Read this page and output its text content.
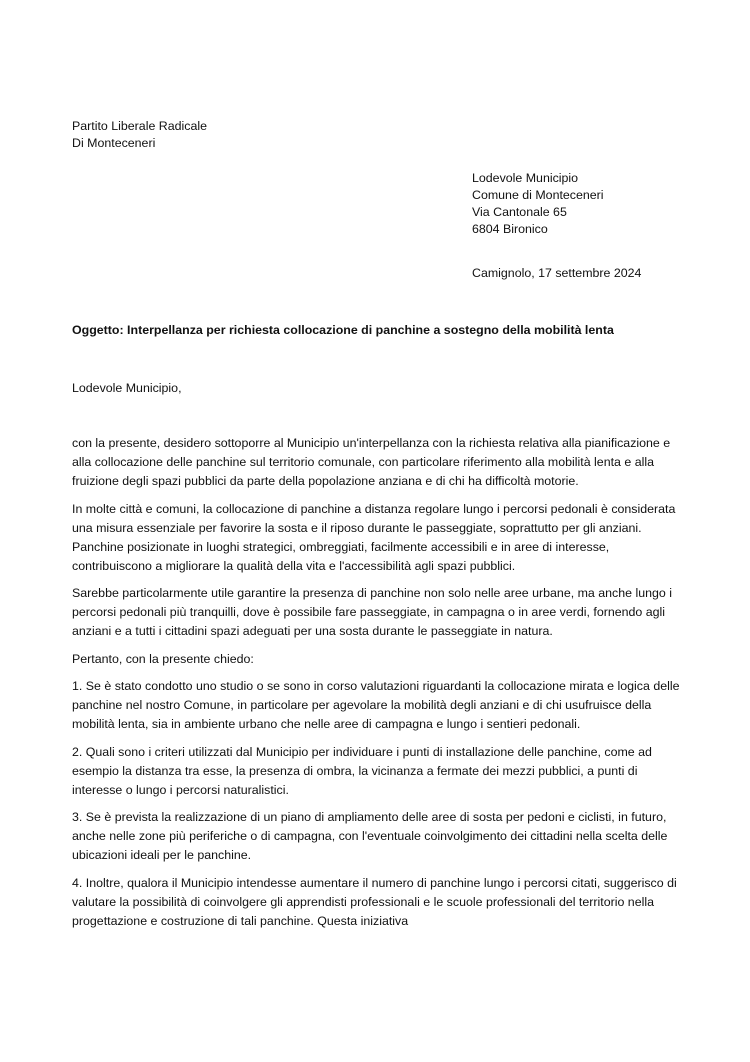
Partito Liberale Radicale
Di Monteceneri
Lodevole Municipio
Comune di Monteceneri
Via Cantonale 65
6804 Bironico
Camignolo, 17 settembre 2024
Oggetto: Interpellanza per richiesta collocazione di panchine a sostegno della mobilità lenta
Lodevole Municipio,

con la presente, desidero sottoporre al Municipio un'interpellanza con la richiesta relativa alla pianificazione e alla collocazione delle panchine sul territorio comunale, con particolare riferimento alla mobilità lenta e alla fruizione degli spazi pubblici da parte della popolazione anziana e di chi ha difficoltà motorie.

In molte città e comuni, la collocazione di panchine a distanza regolare lungo i percorsi pedonali è considerata una misura essenziale per favorire la sosta e il riposo durante le passeggiate, soprattutto per gli anziani. Panchine posizionate in luoghi strategici, ombreggiati, facilmente accessibili e in aree di interesse, contribuiscono a migliorare la qualità della vita e l'accessibilità agli spazi pubblici.

Sarebbe particolarmente utile garantire la presenza di panchine non solo nelle aree urbane, ma anche lungo i percorsi pedonali più tranquilli, dove è possibile fare passeggiate, in campagna o in aree verdi, fornendo agli anziani e a tutti i cittadini spazi adeguati per una sosta durante le passeggiate in natura.

Pertanto, con la presente chiedo:

1. Se è stato condotto uno studio o se sono in corso valutazioni riguardanti la collocazione mirata e logica delle panchine nel nostro Comune, in particolare per agevolare la mobilità degli anziani e di chi usufruisce della mobilità lenta, sia in ambiente urbano che nelle aree di campagna e lungo i sentieri pedonali.

2. Quali sono i criteri utilizzati dal Municipio per individuare i punti di installazione delle panchine, come ad esempio la distanza tra esse, la presenza di ombra, la vicinanza a fermate dei mezzi pubblici, a punti di interesse o lungo i percorsi naturalistici.

3. Se è prevista la realizzazione di un piano di ampliamento delle aree di sosta per pedoni e ciclisti, in futuro, anche nelle zone più periferiche o di campagna, con l'eventuale coinvolgimento dei cittadini nella scelta delle ubicazioni ideali per le panchine.

4. Inoltre, qualora il Municipio intendesse aumentare il numero di panchine lungo i percorsi citati, suggerisco di valutare la possibilità di coinvolgere gli apprendisti professionali e le scuole professionali del territorio nella progettazione e costruzione di tali panchine. Questa iniziativa
